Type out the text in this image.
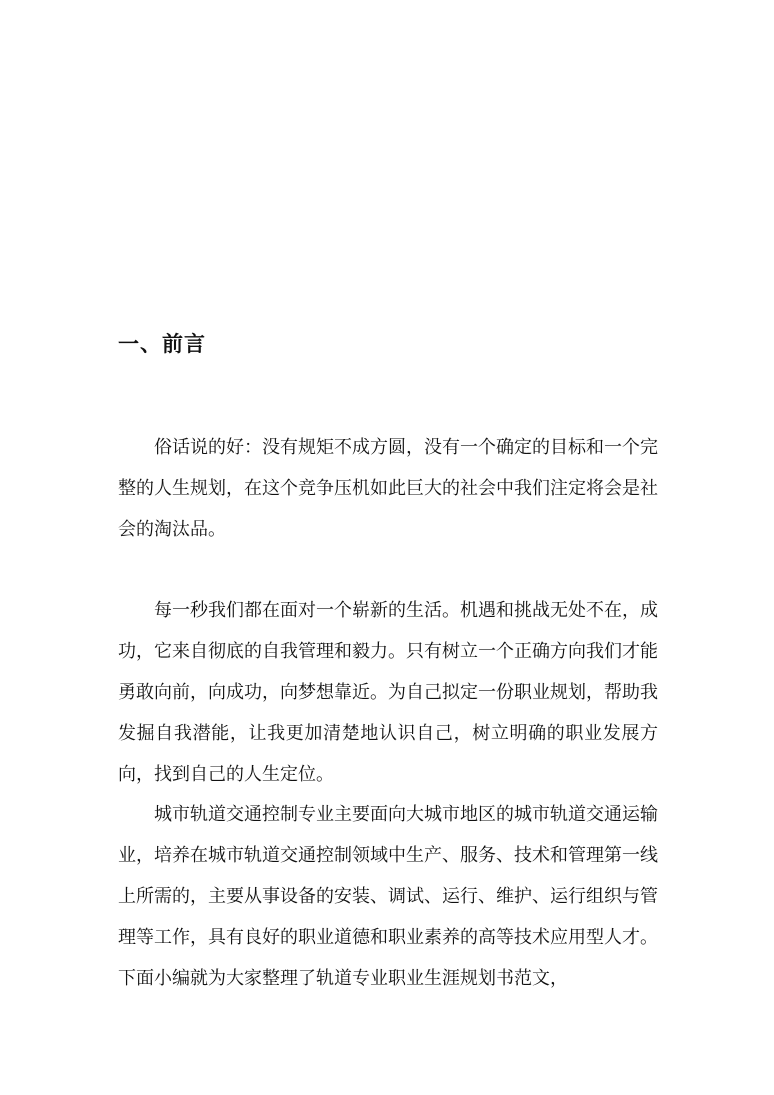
一、前言

俗话说的好：没有规矩不成方圆，没有一个确定的目标和一个完整的人生规划，在这个竞争压机如此巨大的社会中我们注定将会是社会的淘汰品。

每一秒我们都在面对一个崭新的生活。机遇和挑战无处不在，成功，它来自彻底的自我管理和毅力。只有树立一个正确方向我们才能勇敢向前，向成功，向梦想靠近。为自己拟定一份职业规划，帮助我发掘自我潜能，让我更加清楚地认识自己，树立明确的职业发展方向，找到自己的人生定位。

城市轨道交通控制专业主要面向大城市地区的城市轨道交通运输业，培养在城市轨道交通控制领域中生产、服务、技术和管理第一线上所需的，主要从事设备的安装、调试、运行、维护、运行组织与管理等工作，具有良好的职业道德和职业素养的高等技术应用型人才。下面小编就为大家整理了轨道专业职业生涯规划书范文，
